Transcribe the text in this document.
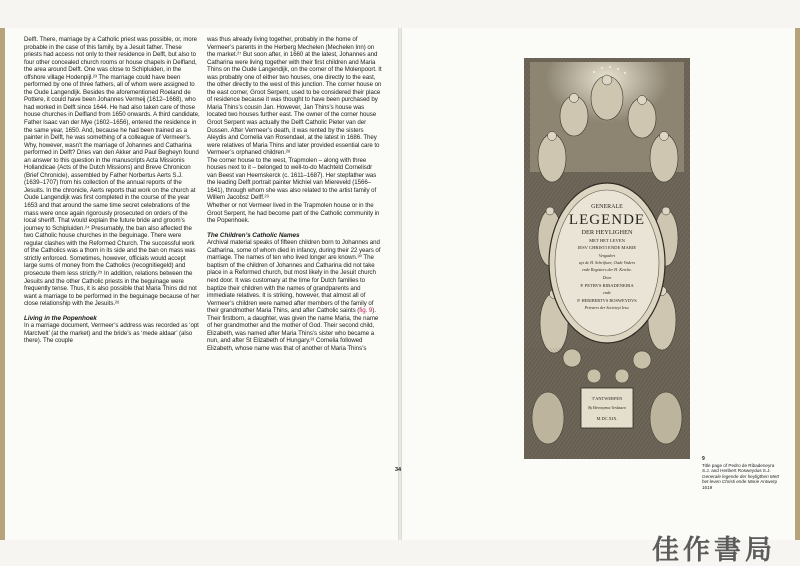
Delft. There, marriage by a Catholic priest was possible, or, more probable in the case of this family, by a Jesuit father. These priests had access not only to their residence in Delft, but also to four other concealed church rooms or house chapels in Delfland, the area around Delft. One was close to Schipluiden, in the offshore village Hodenpijl.²³ The marriage could have been performed by one of three fathers, all of whom were assigned to the Oude Langendijk. Besides the aforementioned Roeland de Pottere, it could have been Johannes Vermeij (1612–1668), who had worked in Delft since 1644. He had also taken care of those house churches in Delfland from 1650 onwards. A third candidate, Father Isaac van der Mye (1602–1656), entered the residence in the same year, 1650. And, because he had been trained as a painter in Delft, he was something of a colleague of Vermeer’s. Why, however, wasn’t the marriage of Johannes and Catharina performed in Delft? Dries van den Akker and Paul Begheyn found an answer to this question in the manuscripts Acta Missionis Hollandicae (Acts of the Dutch Missions) and Breve Chronicon (Brief Chronicle), assembled by Father Norbertus Aerts S.J. (1639–1707) from his collection of the annual reports of the Jesuits. In the chronicle, Aerts reports that work on the church at Oude Langendijk was first completed in the course of the year 1653 and that around the same time secret celebrations of the mass were once again rigorously prosecuted on orders of the local sheriff. That would explain the future bride and groom’s journey to Schipluiden.²⁴ Presumably, the ban also affected the two Catholic house churches in the beguinage. There were regular clashes with the Reformed Church. The successful work of the Catholics was a thorn in its side and the ban on mass was strictly enforced. Sometimes, however, officials would accept large sums of money from the Catholics (recognitiegeld) and prosecute them less strictly.²⁵ In addition, relations between the Jesuits and the other Catholic priests in the beguinage were frequently tense. Thus, it is also possible that Maria Thins did not want a marriage to be performed in the beguinage because of her close relationship with the Jesuits.²⁶

Living in the Popenhoek

In a marriage document, Vermeer’s address was recorded as ‘opt Marctvelt’ (at the market) and the bride’s as ‘mede aldaar’ (also there). The couple

was thus already living together, probably in the home of Vermeer’s parents in the Herberg Mechelen (Mechelen Inn) on the market.²⁷ But soon after, in 1660 at the latest, Johannes and Catharina were living together with their first children and Maria Thins on the Oude Langendijk, on the corner of the Molenpoort. It was probably one of either two houses, one directly to the east, the other directly to the west of this junction. The corner house on the east corner, Groot Serpent, used to be considered their place of residence because it was thought to have been purchased by Maria Thins’s cousin Jan. However, Jan Thins’s house was located two houses further east. The owner of the corner house Groot Serpent was actually the Delft Catholic Pieter van der Dussen. After Vermeer’s death, it was rented by the sisters Aleydis and Cornelia van Rosendael, at the latest in 1686. They were relatives of Maria Thins and later provided essential care to Vermeer’s orphaned children.²⁸

The corner house to the west, Trapmolen – along with three houses next to it – belonged to well-to-do Machteld Cornelisdr van Beest van Heemskerck (c. 1611–1687). Her stepfather was the leading Delft portrait painter Michiel van Miereveld (1566–1641), through whom she was also related to the artist family of Willem Jacobsz Delff.²⁹

Whether or not Vermeer lived in the Trapmolen house or in the Groot Serpent, he had become part of the Catholic community in the Popenhoek.

The Children’s Catholic Names

Archival material speaks of fifteen children born to Johannes and Catharina, some of whom died in infancy, during their 22 years of marriage. The names of ten who lived longer are known.³⁰ The baptism of the children of Johannes and Catharina did not take place in a Reformed church, but most likely in the Jesuit church next door. It was customary at the time for Dutch families to baptize their children with the names of grandparents and immediate relatives. It is striking, however, that almost all of Vermeer’s children were named after members of the family of their grandmother Maria Thins, and after Catholic saints (fig. 9). Their firstborn, a daughter, was given the name Maria, the name of her grandmother and the mother of God. Their second child, Elizabeth, was named after Maria Thins’s sister who became a nun, and after St Elizabeth of Hungary.³¹ Cornelia followed Elizabeth, whose name was that of another of Maria Thins’s

34
GENERALE
LEGENDE
DER HEYLIGHEN
MET HET LEVEN
IESV CHRISTI ENDE MARIE
Vergadert
uyt de H. Schriftuer, Oude Vaders
ende Registers der H. Kercke.
Door
P. PETRVS RIBADENEIRA
ende
P. HERIBERTVS ROSWEYDVS
Priesters der Societeyt Iesu.
T'ANTWERPEN
By Hieronymus Verdussen
M.DC.XIX.
9
Title page of Pedro de Ribadeneyra S.J. and Heribert Rosweydus S.J. Generale legende der heyligthen Mett het leven Christi ende Marie Antwerp 1619
佳作書局
